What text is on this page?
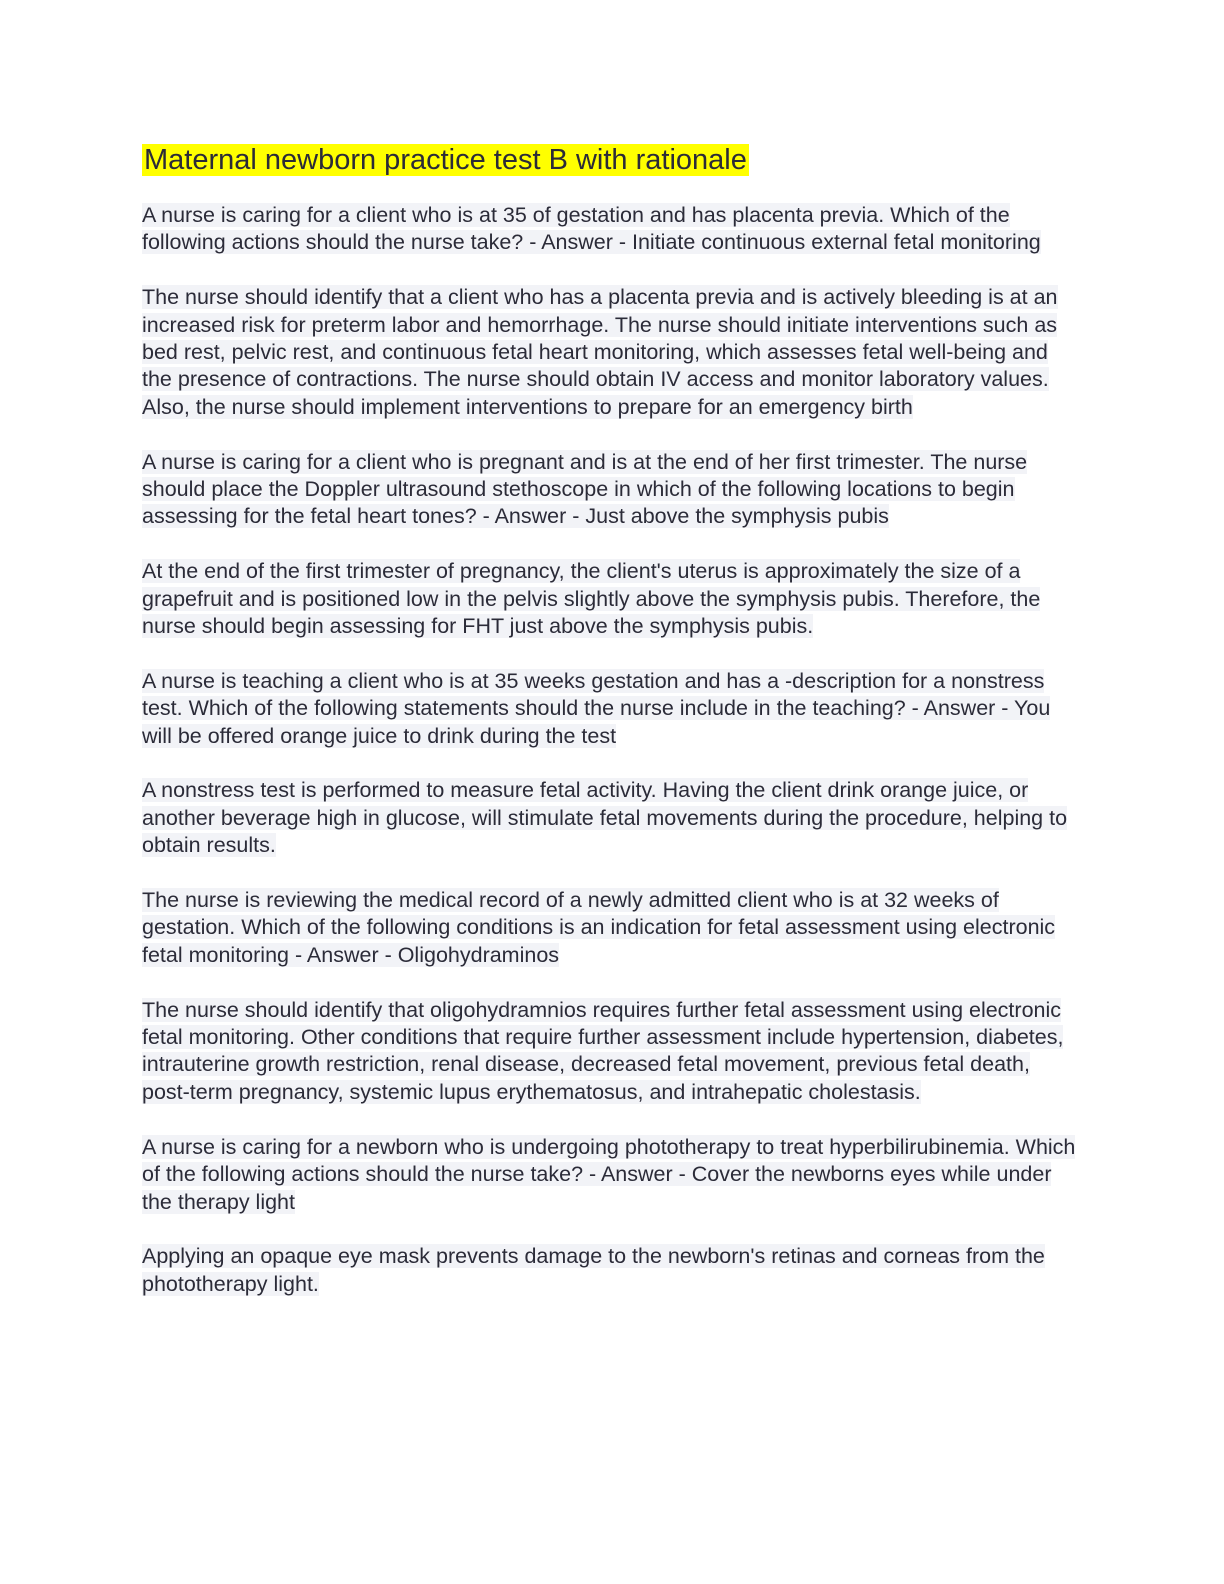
Maternal newborn practice test B with rationale

A nurse is caring for a client who is at 35 of gestation and has placenta previa. Which of the following actions should the nurse take? - Answer - Initiate continuous external fetal monitoring

The nurse should identify that a client who has a placenta previa and is actively bleeding is at an increased risk for preterm labor and hemorrhage. The nurse should initiate interventions such as bed rest, pelvic rest, and continuous fetal heart monitoring, which assesses fetal well-being and the presence of contractions. The nurse should obtain IV access and monitor laboratory values. Also, the nurse should implement interventions to prepare for an emergency birth

A nurse is caring for a client who is pregnant and is at the end of her first trimester. The nurse should place the Doppler ultrasound stethoscope in which of the following locations to begin assessing for the fetal heart tones? - Answer - Just above the symphysis pubis

At the end of the first trimester of pregnancy, the client's uterus is approximately the size of a grapefruit and is positioned low in the pelvis slightly above the symphysis pubis. Therefore, the nurse should begin assessing for FHT just above the symphysis pubis.

A nurse is teaching a client who is at 35 weeks gestation and has a -description for a nonstress test. Which of the following statements should the nurse include in the teaching? - Answer - You will be offered orange juice to drink during the test

A nonstress test is performed to measure fetal activity. Having the client drink orange juice, or another beverage high in glucose, will stimulate fetal movements during the procedure, helping to obtain results.

The nurse is reviewing the medical record of a newly admitted client who is at 32 weeks of gestation. Which of the following conditions is an indication for fetal assessment using electronic fetal monitoring - Answer - Oligohydraminos

The nurse should identify that oligohydramnios requires further fetal assessment using electronic fetal monitoring. Other conditions that require further assessment include hypertension, diabetes, intrauterine growth restriction, renal disease, decreased fetal movement, previous fetal death, post-term pregnancy, systemic lupus erythematosus, and intrahepatic cholestasis.

A nurse is caring for a newborn who is undergoing phototherapy to treat hyperbilirubinemia. Which of the following actions should the nurse take? - Answer - Cover the newborns eyes while under the therapy light

Applying an opaque eye mask prevents damage to the newborn's retinas and corneas from the phototherapy light.
